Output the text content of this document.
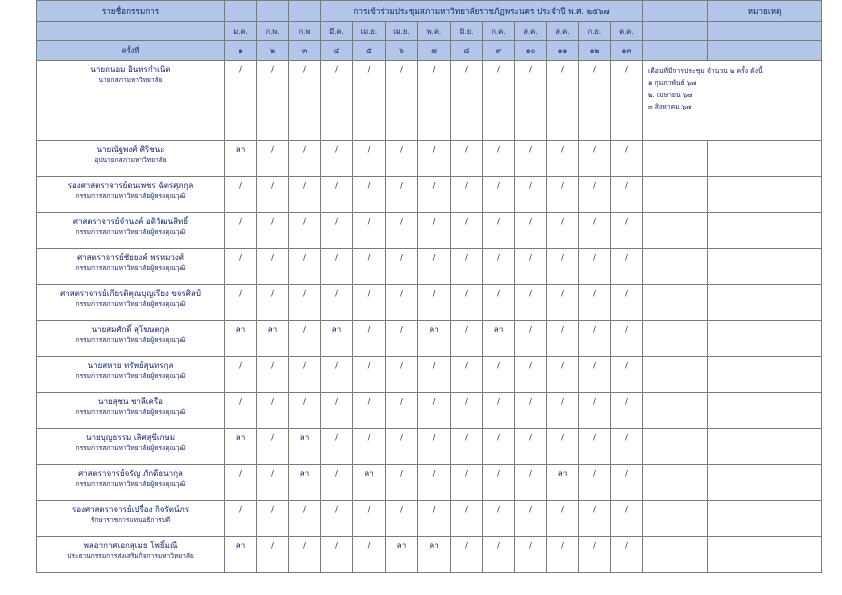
รายชื่อกรรมการ				การเข้าร่วมประชุมสภามหาวิทยาลัยราชภัฏพระนคร ประจำปี พ.ศ. ๒๕๖๗											หมายเหตุ
	ม.ค.	ก.พ.	ก.พ	มี.ค.	เม.ย.	เม.ย.	พ.ค.	มิ.ย.	ก.ค.	ส.ค.	ส.ค.	ก.ย.	ต.ค.		
ครั้งที่	๑	๒	๓	๔	๕	๖	๗	๘	๙	๑๐	๑๑	๑๒	๑๓		

นายถนอม อินทรกำเนิด
นายกสภามหาวิทยาลัย	/	/	/	/	/	/	/	/	/	/	/	/	/	เดือนที่มีการประชุม จำนวน ๒ ครั้ง ดังนี้
๑ กุมภาพันธ์ ๖๗
๒. เมษายน ๖๗
๓ สิงหาคม ๖๗	

นายณัฐพงศ์ ศิริชนะ
อุปนายกสภามหาวิทยาลัย	ลา	/	/	/	/	/	/	/	/	/	/	/	/		

รองศาสตราจารย์ดนเพชร ฉัตรศุภกุล
กรรมการสภามหาวิทยาลัยผู้ทรงคุณวุฒิ	/	/	/	/	/	/	/	/	/	/	/	/	/		

ศาสตราจารย์จำนงค์ อดิวัฒนสิทธิ์
กรรมการสภามหาวิทยาลัยผู้ทรงคุณวุฒิ	/	/	/	/	/	/	/	/	/	/	/	/	/		

ศาสตราจารย์ชัยยงค์ พรหมวงศ์
กรรมการสภามหาวิทยาลัยผู้ทรงคุณวุฒิ	/	/	/	/	/	/	/	/	/	/	/	/	/		

ศาสตราจารย์เกียรติคุณบุญเรียง ขจรศิลป์
กรรมการสภามหาวิทยาลัยผู้ทรงคุณวุฒิ	/	/	/	/	/	/	/	/	/	/	/	/	/		

นายสมศักดิ์ สุโฆษตกุล
กรรมการสภามหาวิทยาลัยผู้ทรงคุณวุฒิ	ลา	ลา	/	ลา	/	/	ลา	/	ลา	/	/	/	/		

นายสหาย ทรัพย์สุนทรกุล
กรรมการสภามหาวิทยาลัยผู้ทรงคุณวุฒิ	/	/	/	/	/	/	/	/	/	/	/	/	/		

นายสุชน ชาลีเครือ
กรรมการสภามหาวิทยาลัยผู้ทรงคุณวุฒิ	/	/	/	/	/	/	/	/	/	/	/	/	/		

นายบุญธรรม เลิศสุขีเกษม
กรรมการสภามหาวิทยาลัยผู้ทรงคุณวุฒิ	ลา	/	ลา	/	/	/	/	/	/	/	/	/	/		

ศาสตราจารย์จรัญ ภักดีธนากุล
กรรมการสภามหาวิทยาลัยผู้ทรงคุณวุฒิ	/	/	ลา	/	ลา	/	/	/	/	/	ลา	/	/		

รองศาสตราจารย์เปรื่อง กิจรัตน์ภร
รักษาราชการแทนอธิการบดี	/	/	/	/	/	/	/	/	/	/	/	/	/		

พลอากาศเอกสุเมธ โพธิ์มณี
ประธานกรรมการส่งเสริมกิจการมหาวิทยาลัย	ลา	/	/	/	/	ลา	ลา	/	/	/	/	/	/		
